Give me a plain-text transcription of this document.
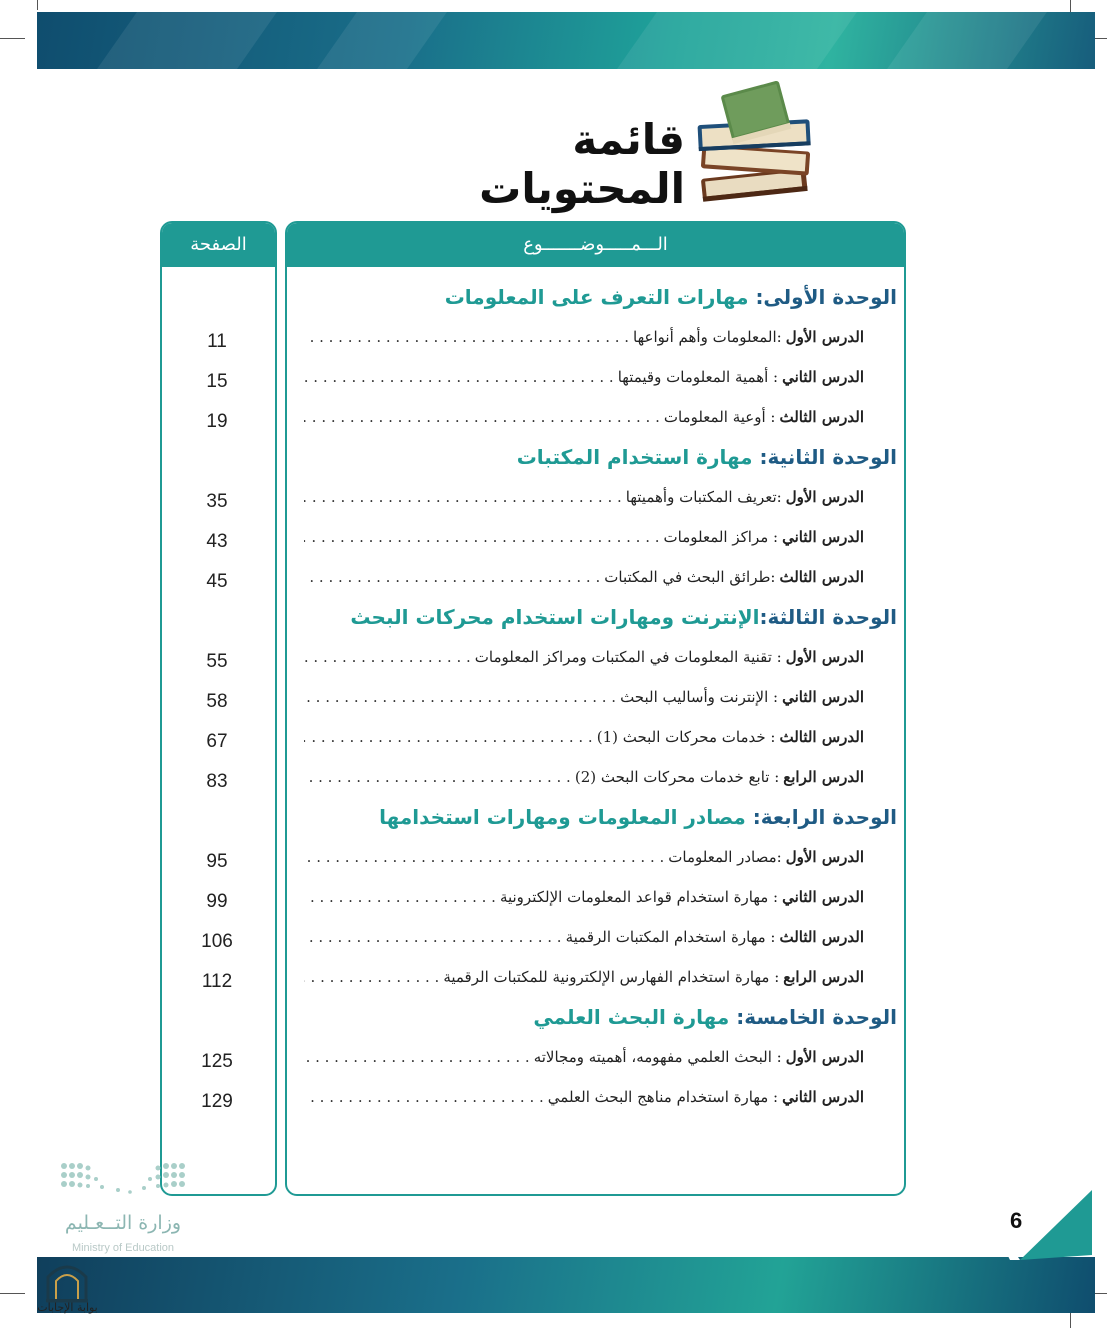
قائمة المحتويات
الـــمـــــوضـــــــوع
الصفحة
الوحدة الأولى: مهارات التعرف على المعلومات
الدرس الأول
:المعلومات وأهم أنواعها
. . .
11
الدرس الثاني
: أهمية المعلومات وقيمتها
. . .
15
الدرس الثالث
: أوعية المعلومات
. . .
19
الوحدة الثانية: مهارة استخدام المكتبات
الدرس الأول
:تعريف المكتبات وأهميتها
. . .
35
الدرس الثاني
: مراكز المعلومات
. . .
43
الدرس الثالث
:طرائق البحث في المكتبات
. . .
45
الوحدة الثالثة:الإنترنت ومهارات استخدام محركات البحث
الدرس الأول
: تقنية المعلومات في المكتبات ومراكز المعلومات
. . .
55
الدرس الثاني
: الإنترنت وأساليب البحث
. . .
58
الدرس الثالث
: خدمات محركات البحث (1)
. . .
67
الدرس الرابع
: تابع خدمات محركات البحث (2)
. . .
83
الوحدة الرابعة: مصادر المعلومات ومهارات استخدامها
الدرس الأول
:مصادر المعلومات
. . .
95
الدرس الثاني
: مهارة استخدام قواعد المعلومات الإلكترونية
. . .
99
الدرس الثالث
: مهارة استخدام المكتبات الرقمية
. . .
106
الدرس الرابع
: مهارة استخدام الفهارس الإلكترونية للمكتبات الرقمية
. . .
112
الوحدة الخامسة: مهارة البحث العلمي
الدرس الأول
: البحث العلمي مفهومه، أهميته ومجالاته
. . .
125
الدرس الثاني
: مهارة استخدام مناهج البحث العلمي
. . .
129
وزارة التــعـليم
Ministry of Education
6
بوابة الإجابات
